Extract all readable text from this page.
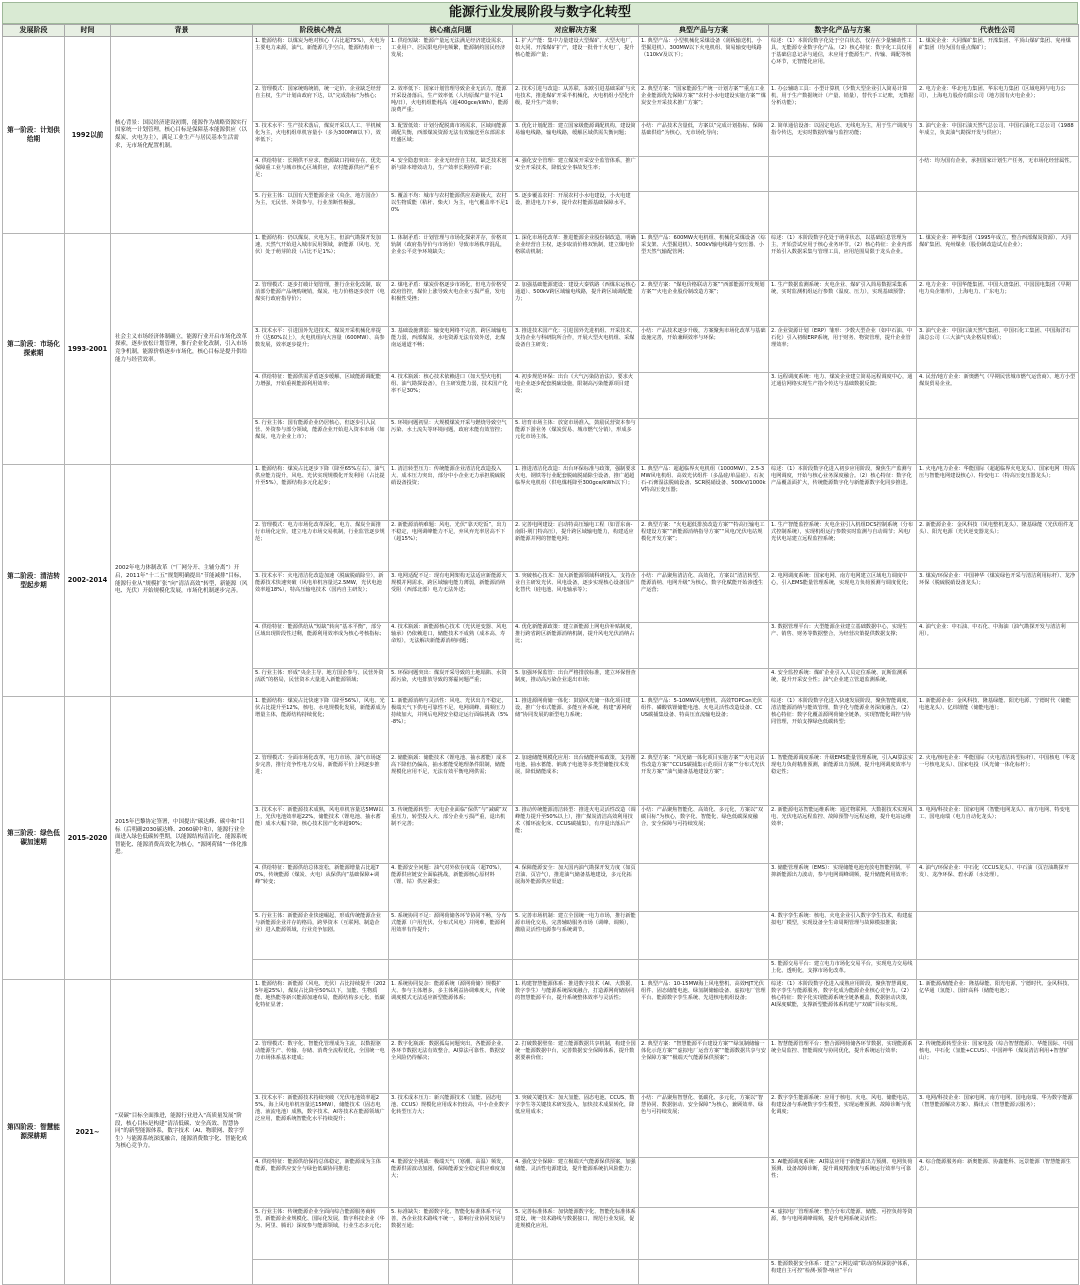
能源行业发展阶段与数字化转型
发展阶段	时间	背景	阶段核心特点	核心痛点问题	对应解决方案	典型产品与方案	数字化产品与方案	代表性公司
第一阶段：计划供给期	1992以前	核心背景：国民经济建设初期，能源作为战略资源实行国家统一计划管理，核心目标是保障基本能源供应（以煤炭、火电为主），满足工业生产与居民基本生活需求，无市场化配置机制。	1. 能源结构：以煤炭为绝对核心（占比超75%），火电为主要电力来源，油气、新能源几乎空白，能源结构单一；	1. 供给短缺：能源产量远无法满足经济建设需求，工业用户、居民限电停电频繁，能源制约国民经济发展；	1. 扩大产能：集中力量建设大型煤矿、大型火电厂，如大同、开滦煤矿扩产，建设一批骨干火电厂，提升核心能源产量；	1. 典型产品：小型机械化采煤设备（刮板输送机、小型掘进机）、300MW以下火电机组、简易输变电线路（110kV及以下）；	综述：（1）本阶段数字化处于空白状态，仅存在少量辅助性工具，无能源专业数字化产品。（2）核心特征：数字化工具仅用于基础信息记录与通信，未应用于能源生产、传输、调配等核心环节，无智能化应用。	1. 煤炭企业：大同煤矿集团、开滦集团、平顶山煤矿集团、兖州煤矿集团（均为国有重点煤矿）；
			2. 管理模式：国家统购统销，统一定价、企业缺乏经营自主权，生产计划由政府下达，以“完成指标”为核心；	2. 效率低下：国家计划管理导致企业无活力，能源开采设备落后，生产效率低（人均原煤产量不足1吨/日），火电机组能耗高（超400gce/kWh），能源浪费严重；	2. 技术引进与改造：从苏联、东欧引进基础采矿与火电技术，推进煤矿开采半机械化，火电机组小型化升级，提升生产效率；	2. 典型方案：“国家能源生产统一计划方案”“重点工业企业能源优先保障方案”“农村小水电建设实施方案”“煤炭安全开采技术推广方案”；	1. 办公辅助工具：小型计算机（少数大型企业引入简易计算机，用于生产数据统计（产量、销量），替代手工记账，无数据分析功能）；	2. 电力企业：华北电力集团、华东电力集团（区域电网与电力公司），上海电力股份有限公司（地方国有火电企业）；
			3. 技术水平：生产技术落后，煤炭开采以人工、半机械化为主，火电机组单机容量小（多为300MW以下），效率低下；	3. 配置低效：计划分配脱离市场需求，区域间能源调配失衡，西部煤炭资源无法有效输送至东部需求旺盛区域；	3. 优化计划配置：建立国家级能源调配机构，建设简易输电线路，输电线路，缓解区域供需失衡问题；	小结：产品技术含量低，方案以“完成计划指标、保障基础供给”为核心，无市场化导向；	2. 简单通信设备：以固定电话、无线电为主，用于生产调度与指令传达，无实时数据传输与监控功能；	3. 油气企业：中国石油天然气总公司、中国石油化工总公司（1988年成立，负责油气勘探开发与供应）；
			4. 供给特征：长期供不应求，能源缺口持续存在，优先保障重工业与城市核心区域供应，农村能源供应严重不足；	4. 安全隐患突出：企业无经营自主权，缺乏技术创新与降本增效动力，生产效率长期停滞不前；	4. 强化安全管理：建立煤炭开采安全监管体系，推广安全开采技术，降低安全事故发生率；			小结：均为国有企业，承担国家计划生产任务，无市场化经营属性。
			5. 行业主体：以国有大型能源企业（央企、地方国企）为主，无民营、外资参与，行业垄断性极强。	5. 覆盖不均：城市与农村能源供应差距极大，农村以生物质能（秸秆、柴火）为主，电气覆盖率不足10%	5. 逐步覆盖农村：开展农村小水电建设，小火电建设，推进电力下乡，提升农村能源基础保障水平。			
第二阶段：市场化探索期	1993-2001	社会主义市场经济体制确立，能源行业开启市场化改革探索，逐步放松计划管理，推行企业化改制，引入市场竞争机制，能源价格逐步市场化，核心目标是提升供给能力与经营效率。	1. 能源结构：仍以煤炭、火电为主，但油气勘探开发加速，天然气开始进入城市民用领域，新能源（风电、光伏）处于萌芽阶段（占比不足1%）；	1. 体制矛盾：计划管理与市场化探索并存，价格双轨制（政府指导价与市场价）导致市场秩序混乱，企业公平竞争环境缺失；	1. 深化市场化改革：推进能源企业股份制改造，明确企业经营自主权，逐步取消价格双轨制，建立煤电价格联动机制；	1. 典型产品：600MW火电机组、机械化采煤设备（综采支架、大型掘进机）、500kV输电线路与变压器、小型天然气输配管网；	综述：（1）本阶段数字化处于萌芽状态，以基础信息管理为主，开始尝试应用于核心业务环节。（2）核心特征：企业内部开始引入数据采集与管理工具，应用范围局限于龙头企业。	1. 煤炭企业：神华集团（1995年成立，整合西部煤炭资源）、大同煤矿集团、兖州煤业（股份制改造试点企业）；
			2. 管理模式：逐步打破计划管理，推行企业化改制，取消部分能源产品统购统销，煤炭、电力价格逐步放开（电煤实行政府指导价）；	2. 煤电矛盾：煤炭价格逐步市场化，但电力价格受政府管控，煤价上涨导致火电企业亏损严重，发电积极性受挫；	2. 加强基础能源建设：建设大秦铁路（西煤东运核心通道）、500kV跨区域输电线路，提升跨区域调配能力；	2. 典型方案：“煤电价格联动方案”“西部能源开发规划方案”“火电企业股份制改造方案”；	1. 生产数据监测系统：火电企业、煤矿引入简易数据采集系统，实时监测机组运行参数（温度、压力），实现基础预警；	2. 电力企业：中国华能集团、中国大唐集团、中国国电集团（早期电力央企雏形），上海电力、广东电力；
			3. 技术水平：引进国外先进技术，煤炭开采机械化率提升（达60%以上），火电机组向大容量（600MW）、高参数发展，效率逐步提升；	3. 基础设施薄弱：输变电网络不完善，跨区域输电能力弱，西部煤炭、水电资源无法有效外送，北煤南运通道不畅；	3. 推进技术国产化：引进国外先进机组、开采技术，支持企业与科研院所合作，开展大型火电机组、采煤设备自主研发；	小结：产品技术逐步升级，方案聚焦市场化改革与基础设施完善，开始兼顾效率与环保；	2. 企业资源计划（ERP）雏形：少数大型企业（如中石油、中石化）引入初级ERP系统，用于财务、物资管理，提升企业管理效率；	3. 油气企业：中国石油天然气集团、中国石化工集团、中国海洋石油总公司（三大油气央企格局形成）；
			4. 供给特征：能源供需矛盾逐步缓解，区域能源调配能力增强，开始重视能源利用效率；	4. 技术瓶颈：核心技术依赖进口（如大型火电机组、油气勘探设备），自主研发能力弱，技术国产化率不足30%；	4. 初步规范环保：出台《大气污染防治法》，要求火电企业逐步配套脱硫设施，限制高污染能源项目建设；		3. 远程调度系统：电力、煤炭企业建立简易远程调度中心，通过通信网络实现生产指令传达与基础数据反馈；	4. 民营/地方企业：新奥燃气（早期民营城市燃气运营商）、地方小型煤炭贸易企业。
			5. 行业主体：国有能源企业仍居核心，但逐步引入民营、外资参与部分领域，能源企业开始进入资本市场（如煤炭、电力企业上市）；	5. 环境问题初显：大规模煤炭开采与燃烧导致空气污染、水土流失等环境问题，政府未能有效管控；	5. 培育市场主体：放宽市场准入，鼓励民营资本参与能源下游业务（煤炭贸易、城市燃气分销），形成多元化市场主体。			
第二阶段：清洁转型起步期	2002-2014	2002年电力体制改革（“厂网分开、主辅分离”）开启，2011年“十二五”规划明确提出“节能减排”目标，能源行业从“规模扩张”向“清洁高效”转型，新能源（风电、光伏）开始规模化发展，市场化机制逐步完善。	1. 能源结构：煤炭占比逐步下降（降至65%左右），油气供应能力提升，风电、光伏实现规模化开发利用（占比提升至5%），能源结构多元化起步；	1. 清洁转型压力：传统能源企业清洁化改造投入大、成本压力突出，部分中小企业无力承担脱硫脱硝设备投资；	1. 推进清洁化改造：出台环保标准与政策，强制要求火电、钢铁等行业配套脱硫脱硝除尘设备，推广超超临界火电机组（供电煤耗降至300gce/kWh以下）；	1. 典型产品：超超临界火电机组（1000MW）、2.5-3MW风电机组、高效光伏组件（多晶硅/单晶硅）、石灰石-石膏湿法脱硫设备、SCR脱硝设备、500kV/1000kV特高压变压器；	综述：（1）本阶段数字化进入初步应用阶段，聚焦生产监测与电网调度，开始与核心业务深度融合。（2）核心特征：数字化产品覆盖面扩大，传统能源数字化与新能源数字化同步推进。	1. 火电/电力企业：华能国际（超超临界火电龙头）、国家电网（特高压与智能电网建设核心）、特变电工（特高压变压器龙头）；
			2. 管理模式：电力市场化改革深化，电力、煤炭全面推行市场化定价，建立电力市场交易机制，行业监管逐步规范；	2. 新能源消纳难题：风电、光伏“靠天吃饭”，出力不稳定，电网调峰能力不足，弃风弃光率居高不下（超15%）；	2. 完善电网建设：启动特高压输电工程（如晋东南-南阳-荆门特高压），提升跨区域输电能力，构建适应新能源并网的智能电网；	2. 典型方案：“火电超低排放改造方案”“特高压输电工程建设方案”“新能源消纳指导方案”“风电/光伏电站规模化开发方案”；	1. 生产智能监控系统：火电企业引入机组DCS控制系统（分布式控制系统），实现机组运行参数实时监测与自动调节；风电/光伏电站建立远程监控系统；	2. 新能源企业：金风科技（风电整机龙头）、隆基绿能（光伏组件龙头）、阳光电源（光伏逆变器龙头）；
			3. 技术水平：火电清洁化改造加速（脱硫脱硝除尘），新能源技术快速突破（风电单机容量达2.5MW，光伏电池效率超18%），特高压输电技术（国内自主研发）；	3. 电网适配不足：现有电网架构无法适应新能源大规模并网需求，跨区域输电能力薄弱，新能源消纳受阻（西部北部）电力无法外送；	3. 突破核心技术：加大新能源领域科研投入，支持企业自主研发光伏、风电设备，逐步实现核心设备国产化替代（硅电池、风电轴承等）；	小结：产品聚焦清洁化、高效化，方案以“清洁转型、能源消纳、电网升级”为核心，数字化赋能开始渗透生产运营；	2. 电网调度系统：国家电网、南方电网建立区域电力调度中心，引入EMS能量管理系统，实现电力负荷预测与调度优化；	3. 煤炭/环保企业：中国神华（煤炭绿色开采与清洁利用标杆）、龙净环保（脱硫脱硝设备龙头）；
			4. 供给特征：能源供给从“短缺”转向“基本平衡”，部分区域出现阶段性过剩，能源利用效率成为核心考核指标；	4. 技术瓶颈：新能源核心技术（光伏逆变器、风电轴承）仍依赖进口，储能技术不成熟（成本高、寿命短），无法解决新能源消纳问题；	4. 优化新能源政策：建立新能源上网电价补贴制度，推行跨省跨区新能源消纳机制，提升风电光伏消纳占比；		3. 数据管理平台：大型能源企业建立基础数据中心，实现生产、销售、财务等数据整合，为经营决策提供数据支撑；	4. 油气企业：中石油、中石化、中海油（油气勘探开发与清洁利用）。
			5. 行业主体：形成“央企主导、地方国企参与、民营外资活跃”的格局，民营资本大量进入新能源领域；	5. 环保问题突出：煤炭开采导致的土地塌陷、水资源污染，火电排放导致的雾霾问题严重；	5. 加强环保监管：出台严格排放标准，建立环保督查制度，推动高污染企业退出市场；		4. 安全监控系统：煤矿企业引入人员定位系统、瓦斯监测系统，提升开采安全性；油气企业建立管道监测系统。	
第三阶段：绿色低碳加速期	2015-2020	2015年巴黎协定签署，中国提出“碳达峰、碳中和”目标（后明确2030碳达峰、2060碳中和），能源行业全面进入绿色低碳转型期，以能源结构清洁化、能源系统智能化、能源消费高效化为核心，“源网荷储”一体化推进。	1. 能源结构：煤炭占比快速下降（降至56%），风电、光伏占比提升至12%，核电、水电规模化发展，新能源成为增量主体，能源结构持续优化；	1. 新能源消纳与灵活性：风电、光伏出力不稳定，极端天气下供电可靠性不足，电网调峰、调频压力持续加大，并网后电网安全稳定运行面临挑战（5%-8%）；	1. 推进源网荷储一体化：鼓励风光储一体化项目建设，推广分布式能源、多能互补系统，构建“源网荷储”协同发展的新型电力系统；	1. 典型产品：5-10MW风电整机、高效TOPCon光伏组件、磷酸铁锂储能电池、火电灵活性改造设备、CCUS碳捕集设备、特高压直流输电设备；	综述：（1）本阶段数字化进入快速发展阶段，聚焦智能调度、清洁能源消纳与能效管理，数字化与能源业务深度融合。（2）核心特征：数字化覆盖源网荷储全链条，实现智能化调控与协同管理，开始支撑绿色低碳转型；	1. 新能源企业：金风科技、隆基绿能、阳光电源、宁德时代（储能电池龙头）、亿纬锂能（储能电池）；
			2. 管理模式：全面市场化改革，电力市场、油气市场逐步完善，推行竞争性电力交易，新能源平价上网逐步推进；	2. 储能瓶颈：储能技术（锂电池、抽水蓄能）成本高下降但仍偏高，抽水蓄能受地理条件限制，储能规模化应用不足，无法有效平衡电网供需；	2. 加速储能规模化应用：出台储能补贴政策，支持锂电池、抽水蓄能、钠离子电池等多类型储能技术发展，降低储能成本；	2. 典型方案：“风光储一体化项目实施方案”“火电灵活性改造方案”“CCUS碳捕集示范项目方案”“分布式光伏开发方案”“油气储备基地建设方案”；	1. 智能能源调度系统：升级EMS能量管理系统，引入AI算法实现电力负荷精准预测，新能源出力预测，提升电网调度效率与稳定性；	2. 火电/核电企业：华能国际（火电清洁转型标杆）、中国核电（华龙一号核电龙头）、国家电投（风光储一体化标杆）；
			3. 技术水平：新能源技术成熟，风电单机容量达5MW以上，光伏电池效率超22%，储能技术（锂电池、抽水蓄能）成本大幅下降，核心技术国产化率超90%；	3. 传统能源转型：火电企业面临“保供”与“减碳”双重压力，转型投入大、部分企业亏损严重，退出机制不完善；	3. 推动传统能源清洁转型：推进火电灵活性改造（调峰能力提升至50%以上），推广煤炭清洁高效利用技术（循环流化床、CCUS碳捕集），有序退出落后产能；	小结：产品聚焦智能化、高效化、多元化，方案以“双碳目标”为核心，数字化、智能化、绿色低碳深度融合，安全保障与可持续发展；	2. 新能源电站智能运维系统：通过物联网、大数据技术实现风电、光伏电站远程监控、故障预警与远程运维，提升电站运维效率；	3. 电网/科技企业：国家电网（智能电网龙头）、南方电网、特变电工、国电南瑞（电力自动化龙头）；
			4. 供给特征：能源供给总体宽松，新能源增量占比超70%，传统能源（煤炭、火电）从保供向“基础保障+调峰”转变；	4. 能源安全问题：油气对外依存度高（超70%），能源供应链安全面临挑战，新能源核心原材料（锂、钴）供应紧张；	4. 保障能源安全：加大国内油气勘探开发力度（如页岩油、页岩气），推进油气储备基地建设，多元化拓展海外能源供应渠道；		3. 储能管理系统（EMS）：实现储能电池充放电智能控制，平抑新能源出力波动，参与电网调峰调频，提升储能利用效率；	4. 油气/环保企业：中石化（CCUS龙头）、中石油（页岩油勘探开发）、龙净环保、碧水源（水处理）。
			5. 行业主体：新能源企业快速崛起，形成传统能源企业与新能源企业并存的格局，跨界资本（互联网、制造企业）进入能源领域，行业竞争加剧。	5. 系统协同不足：源网荷储各环节协同不畅，分布式能源（户用光伏、分布式风电）并网难，能源利用效率有待提升；	5. 完善市场机制：建立全国统一电力市场，推行新能源市场化交易，完善辅助服务市场（调峰、调频），激励灵活性电源参与系统调节。		4. 数字孪生系统：核电、火电企业引入数字孪生技术，构建虚拟电厂模型，实现设备全生命周期管理与故障模拟推演；	
							5. 能源交易平台：建立电力市场化交易平台，实现电力交易线上化、透明化，支撑市场化改革。	
第四阶段：智慧能源深耕期	2021~	“双碳”目标全面推进，能源行业进入“高质量发展”阶段，核心目标是构建“清洁低碳、安全高效、智慧协同”的新型能源体系，数字技术（AI、物联网、数字孪生）与能源系统深度融合，能源消费数字化、智能化成为核心竞争力。	1. 能源结构：新能源（风电、光伏）占比持续提升（2025年超25%），煤炭占比降至50%以下，氢能、生物质能、地热能等新兴能源加速布局，能源结构多元化、低碳化特征显著；	1. 系统协同复杂：能源系统（源网荷储）规模扩大、参与主体增多，多主体利益协调难度大，传统调度模式无法适应新型能源体系；	1. 构建智慧能源体系：推进数字技术（AI、大数据、数字孪生）与能源系统深度融合，打造源网荷储协同的智慧能源平台，提升系统整体效率与灵活性；	1. 典型产品：10-15MW海上风电整机、高效HJT光伏组件、固态储能电池、绿氢制储输设备、虚拟电厂管理平台、能源数字孪生系统、先进核电机组设备；	综述：（1）本阶段数字化进入成熟应用阶段，聚焦智慧调度、数字孪生与能源服务，数字化成为能源企业核心竞争力。（2）核心特征：数字化实现能源系统全链条覆盖，数据驱动决策，AI深度赋能，支撑新型能源体系构建与“双碳”目标实现。	1. 新能源/储能企业：隆基绿能、阳光电源、宁德时代、金风科技、亿华通（氢能）、国轩高科（储能电池）；
			2. 管理模式：数字化、智能化管理成为主流，以数据驱动能源生产、传输、存储、消费全流程优化，全国统一电力市场体系基本建成；	2. 数字化瓶颈：数据孤岛问题突出，各能源企业、各环节数据无法有效整合，AI算法可靠性、数据安全风险仍待解决；	2. 打破数据壁垒：建立能源数据共享机制，构建全国统一能源数据中台，完善数据安全保障体系，提升数据要素价值；	2. 典型方案：“智慧能源平台建设方案”“绿氢制储输一体化示范方案”“虚拟电厂运营方案”“能源数据共享与安全保障方案”“极端天气能源保供预案”；	1. 智慧能源管理平台：整合源网荷储各环节数据，实现能源系统全局监控、智能调度与协同优化，提升系统运行效率；	2. 传统能源转型企业：国家电投（综合智慧能源）、华能国际、中国核电、中石化（氢能+CCUS）、中国神华（煤炭清洁利用+智慧矿山）；
			3. 技术水平：新能源技术持续突破（光伏电池效率超25%，海上风电单机容量达15MW），储能技术（固态电池、液流电池）成熟，数字技术、AI等技术在能源领域广泛应用，能源系统智能化水平持续提升；	3. 技术成本压力：新兴能源技术（氢能、固态电池、CCUS）规模化应用成本仍较高，中小企业数字化转型压力大；	3. 突破关键技术：加大氢能、固态电池、CCUS、数字孪生等关键技术研发投入，加快技术成果转化，降低应用成本；	小结：产品聚焦智慧化、低碳化、多元化，方案以“智慧协同、数据驱动、安全保障”为核心，兼顾效率、绿色与可持续发展；	2. 数字孪生能源系统：应用于核电、火电、风电、储能电站，构建设备与系统数字孪生模型，实现运维预测、故障诊断与优化调度；	3. 电网/科技企业：国家电网、南方电网、国电南瑞、华为数字能源（智慧能源解决方案）、腾讯云（智慧能源云服务）；
			4. 供给特征：能源供给保持总体稳定，新能源成为主体能源，能源供应安全与绿色低碳协同推进；	4. 能源安全挑战：极端天气（寒潮、高温）频发，能源供需波动加剧，保障能源安全稳定供应难度加大；	4. 强化安全保障：建立极端天气能源保供预案，加强储能、灵活性电源建设，提升能源系统抗风险能力；		3. AI能源调度系统：AI算法应用于新能源出力预测、电网负荷预测、设备故障诊断，提升调度精准度与系统运行效率与可靠性；	4. 综合能源服务商：新奥能源、协鑫能科、远景能源（智慧能源生态）。
			5. 行业主体：传统能源企业全面向综合能源服务商转型，新能源企业规模化、国际化发展，数字科技企业（华为、阿里、腾讯）深度参与能源领域，行业生态多元化；	5. 标准缺失：能源数字化、智能化标准体系不完善，各企业技术路线不统一，影响行业协同发展与数据互通；	5. 完善标准体系：加快能源数字化、智能化标准体系建设，统一技术路线与数据接口，规范行业发展，促进规模化应用。		4. 虚拟电厂管理系统：整合分布式能源、储能、可控负荷等资源，参与电网调峰调频，提升电网系统灵活性；	
							5. 能源数据安全体系：建立“云网边端”联动的纵深防护体系，构建自主可控“检测-预警-响应”平台	
